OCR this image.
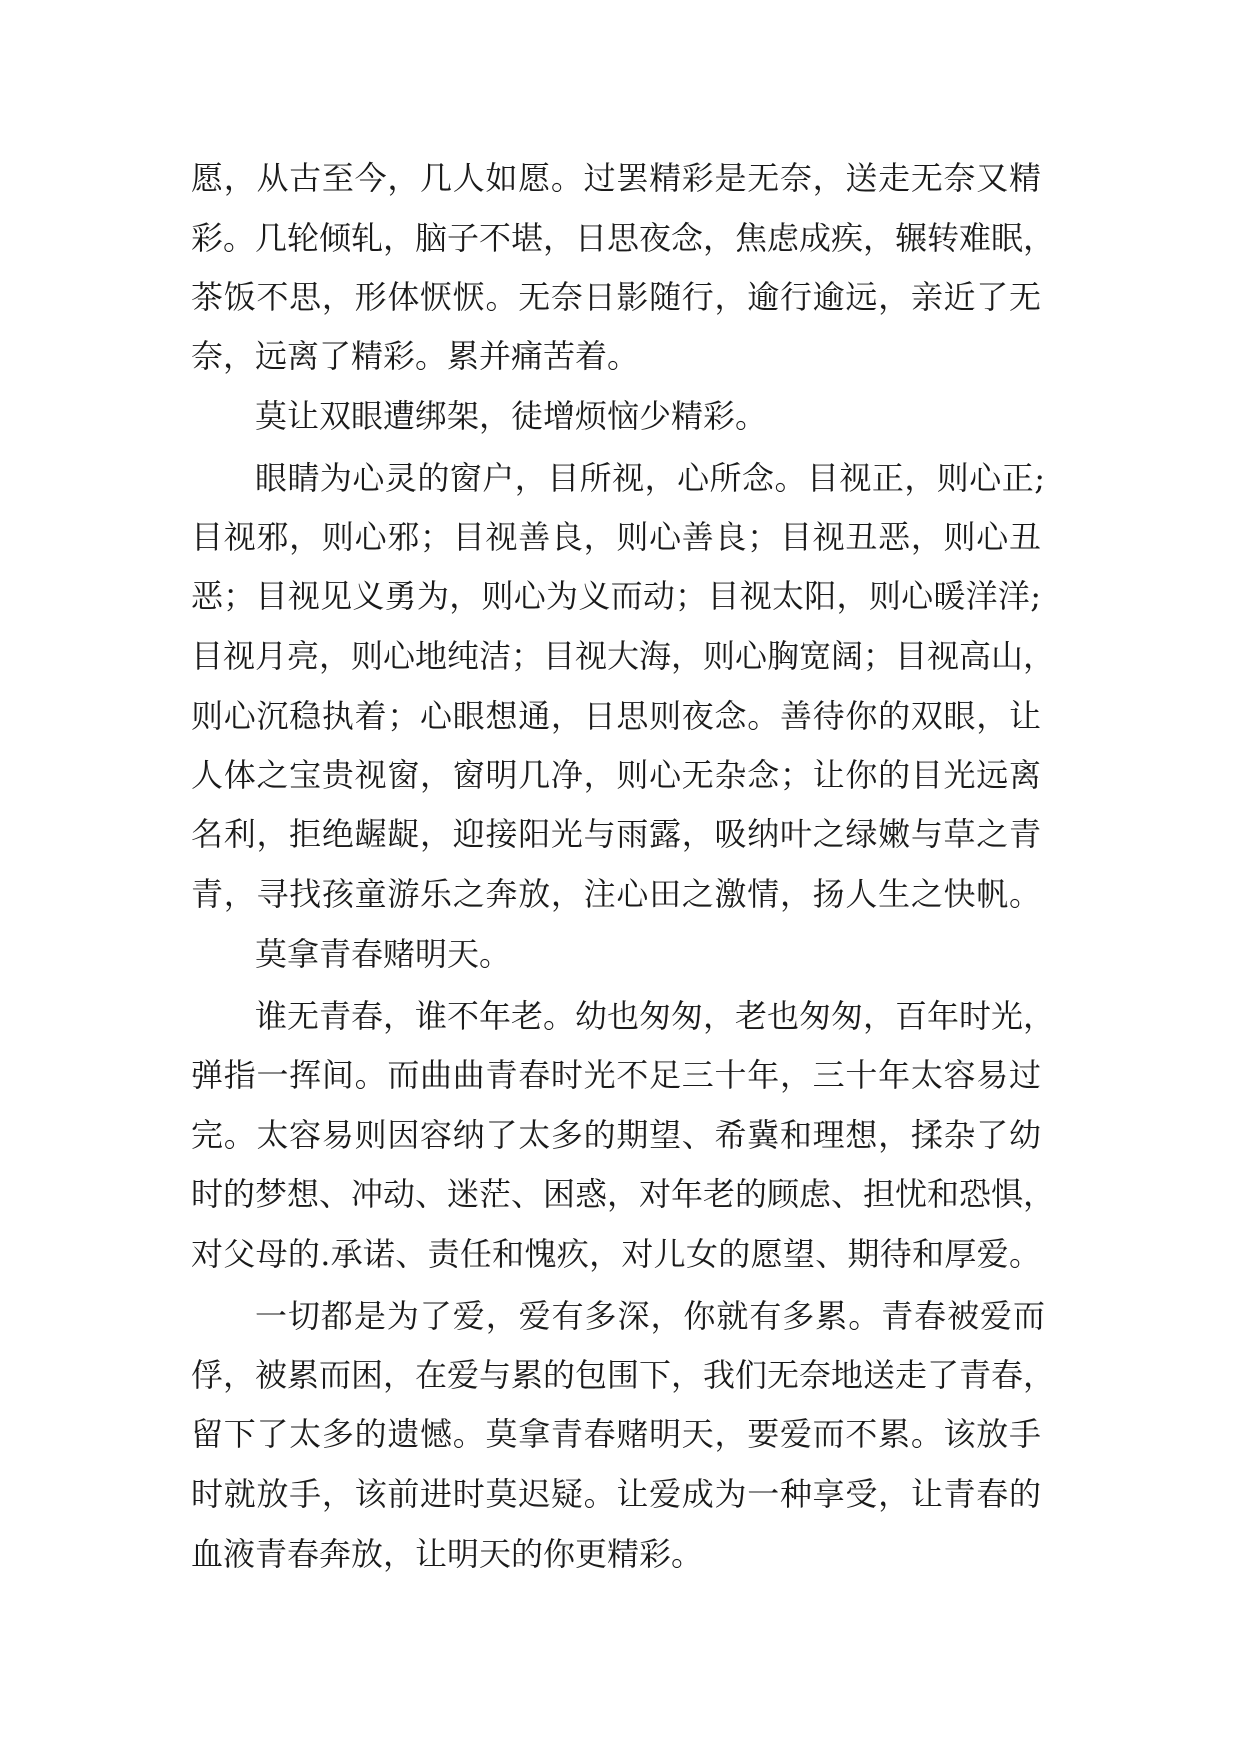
愿，从古至今，几人如愿。过罢精彩是无奈，送走无奈又精
彩。几轮倾轧，脑子不堪，日思夜念，焦虑成疾，辗转难眠，
茶饭不思，形体恹恹。无奈日影随行，逾行逾远，亲近了无
奈，远离了精彩。累并痛苦着。
莫让双眼遭绑架，徒增烦恼少精彩。
眼睛为心灵的窗户，目所视，心所念。目视正，则心正;
目视邪，则心邪；目视善良，则心善良；目视丑恶，则心丑
恶；目视见义勇为，则心为义而动；目视太阳，则心暖洋洋;
目视月亮，则心地纯洁；目视大海，则心胸宽阔；目视高山，
则心沉稳执着；心眼想通，日思则夜念。善待你的双眼，让
人体之宝贵视窗，窗明几净，则心无杂念；让你的目光远离
名利，拒绝龌龊，迎接阳光与雨露，吸纳叶之绿嫩与草之青
青，寻找孩童游乐之奔放，注心田之激情，扬人生之快帆。
莫拿青春赌明天。
谁无青春，谁不年老。幼也匆匆，老也匆匆，百年时光，
弹指一挥间。而曲曲青春时光不足三十年，三十年太容易过
完。太容易则因容纳了太多的期望、希冀和理想，揉杂了幼
时的梦想、冲动、迷茫、困惑，对年老的顾虑、担忧和恐惧，
对父母的.承诺、责任和愧疚，对儿女的愿望、期待和厚爱。
一切都是为了爱，爱有多深，你就有多累。青春被爱而
俘，被累而困，在爱与累的包围下，我们无奈地送走了青春，
留下了太多的遗憾。莫拿青春赌明天，要爱而不累。该放手
时就放手，该前进时莫迟疑。让爱成为一种享受，让青春的
血液青春奔放，让明天的你更精彩。
